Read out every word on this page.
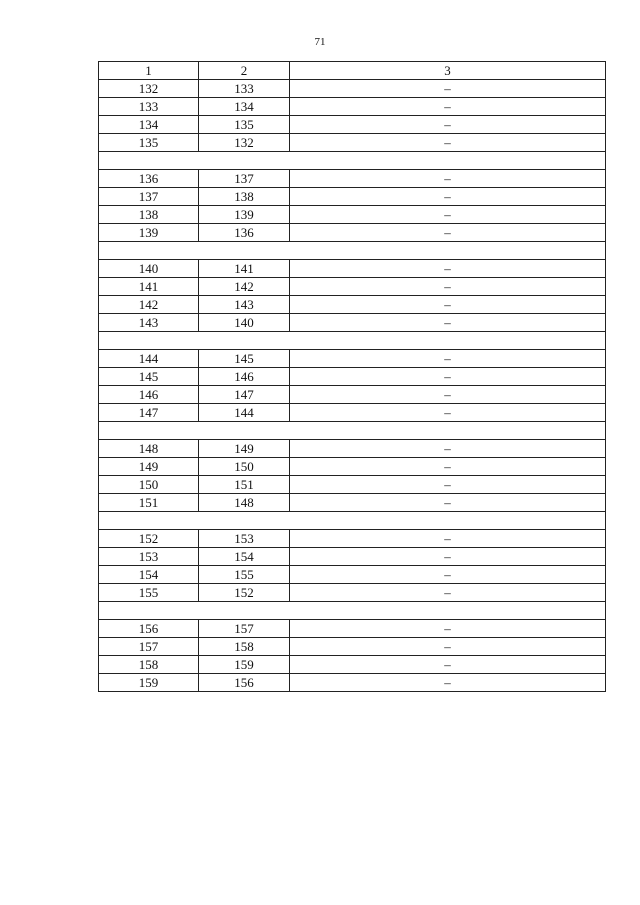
71
1	2	3
132	133	–
133	134	–
134	135	–
135	132	–

136	137	–
137	138	–
138	139	–
139	136	–

140	141	–
141	142	–
142	143	–
143	140	–

144	145	–
145	146	–
146	147	–
147	144	–

148	149	–
149	150	–
150	151	–
151	148	–

152	153	–
153	154	–
154	155	–
155	152	–

156	157	–
157	158	–
158	159	–
159	156	–
